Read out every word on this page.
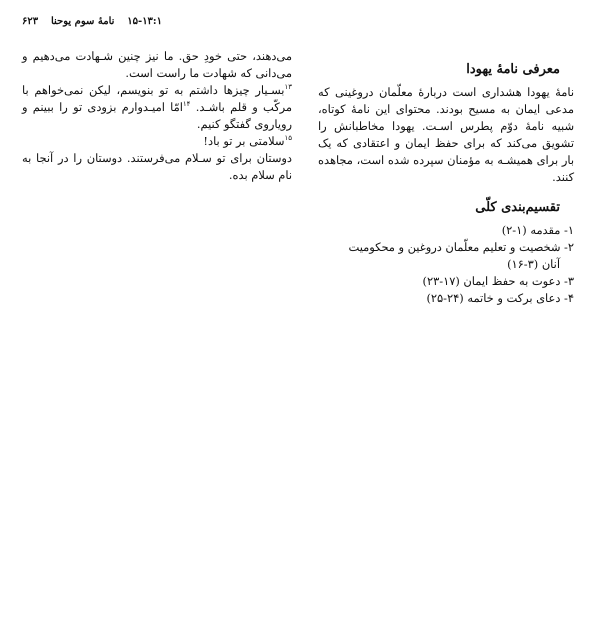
۱۵-۱۳:۱
نامهٔ سوم یوحنا
۶۲۳

می‌دهند، حتی خودِ حق. ما نیز چنین شـهادت می‌دهیم و می‌دانی که شهادت ما راست است.

$^{۱۳}$بسـیار چیزها داشتم به تو بنویسم، لیکن نمی‌خواهم با مرکّب و قلم باشـد. $^{۱۴}$امّا امیـدوارم بزودی تو را ببینم و روياروی گفتگو کنیم.

$^{۱۵}$سلامتی بر تو باد!

دوستان برای تو سـلام می‌فرستند. دوستان را در آنجا به نام سلام بده.

معرفی نامهٔ یهودا

نامهٔ یهودا هشداری است دربارهٔ معلّمان دروغینی که مدعی ایمان به مسیح بودند. محتوای این نامهٔ کوتاه، شبیه نامهٔ دوّم پطرس اسـت. یهودا مخاطبانش را تشویق می‌کند که برای حفظ ایمان و اعتقادی که یک بار برای همیشـه به مؤمنان سپرده شده است، مجاهده کنند.

تقسیم‌بندی کلّی
۱- مقدمه (۱-۲)
۲- شخصیت و تعلیم معلّمان دروغین و محکومیت
آنان (۳-۱۶)
۳- دعوت به حفظ ایمان (۱۷-۲۳)
۴- دعای برکت و خاتمه (۲۴-۲۵)
